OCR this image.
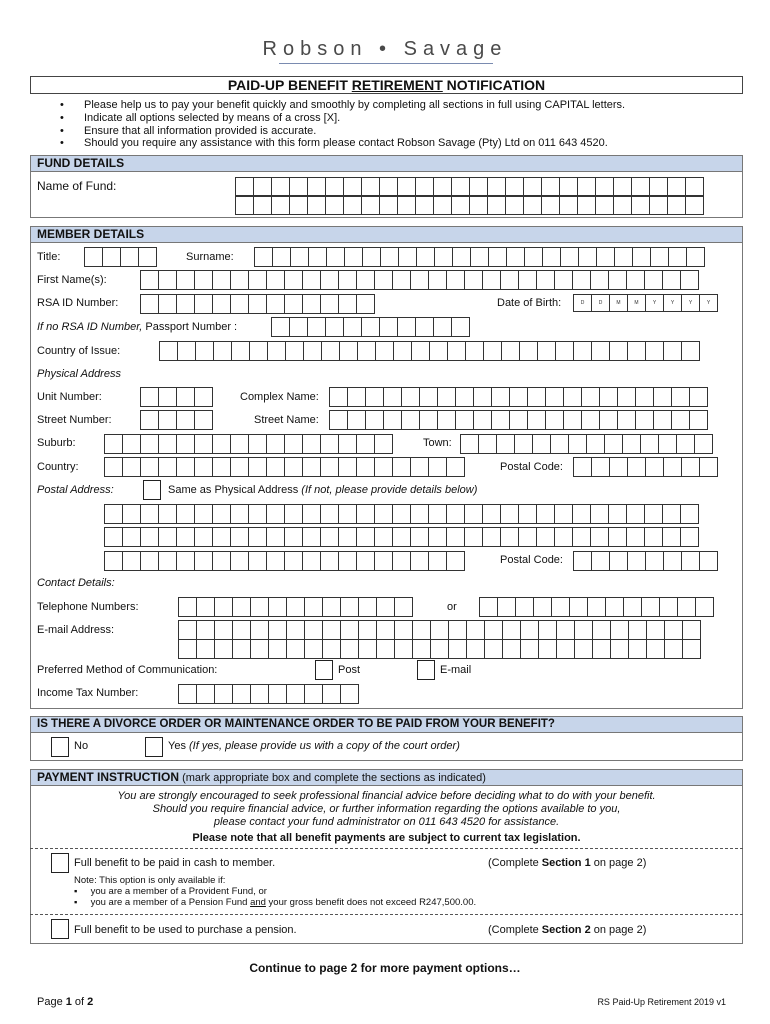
Robson • Savage
PAID-UP BENEFIT RETIREMENT NOTIFICATION
• Please help us to pay your benefit quickly and smoothly by completing all sections in full using CAPITAL letters.
• Indicate all options selected by means of a cross [X].
• Ensure that all information provided is accurate.
• Should you require any assistance with this form please contact Robson Savage (Pty) Ltd on 011 643 4520.
FUND DETAILS
Name of Fund:
MEMBER DETAILS
Title:	Surname:
First Name(s):
RSA ID Number:	Date of Birth:	D	D	M	M	Y	Y	Y	Y
If no RSA ID Number, Passport Number :
Country of Issue:
Physical Address
Unit Number:	Complex Name:
Street Number:	Street Name:
Suburb:	Town:
Country:	Postal Code:
Postal Address:	Same as Physical Address (If not, please provide details below)
Postal Code:
Contact Details:
Telephone Numbers:	or
E-mail Address:
Preferred Method of Communication:	Post	E-mail
Income Tax Number:
IS THERE A DIVORCE ORDER OR MAINTENANCE ORDER TO BE PAID FROM YOUR BENEFIT?
No	Yes (If yes, please provide us with a copy of the court order)
PAYMENT INSTRUCTION (mark appropriate box and complete the sections as indicated)
You are strongly encouraged to seek professional financial advice before deciding what to do with your benefit.
Should you require financial advice, or further information regarding the options available to you,
please contact your fund administrator on 011 643 4520 for assistance.
Please note that all benefit payments are subject to current tax legislation.
Full benefit to be paid in cash to member.	(Complete Section 1 on page 2)
Note: This option is only available if:
▪     you are a member of a Provident Fund, or
▪     you are a member of a Pension Fund and your gross benefit does not exceed R247,500.00.
Full benefit to be used to purchase a pension.	(Complete Section 2 on page 2)
Continue to page 2 for more payment options…
Page 1 of 2	RS Paid-Up Retirement 2019 v1
